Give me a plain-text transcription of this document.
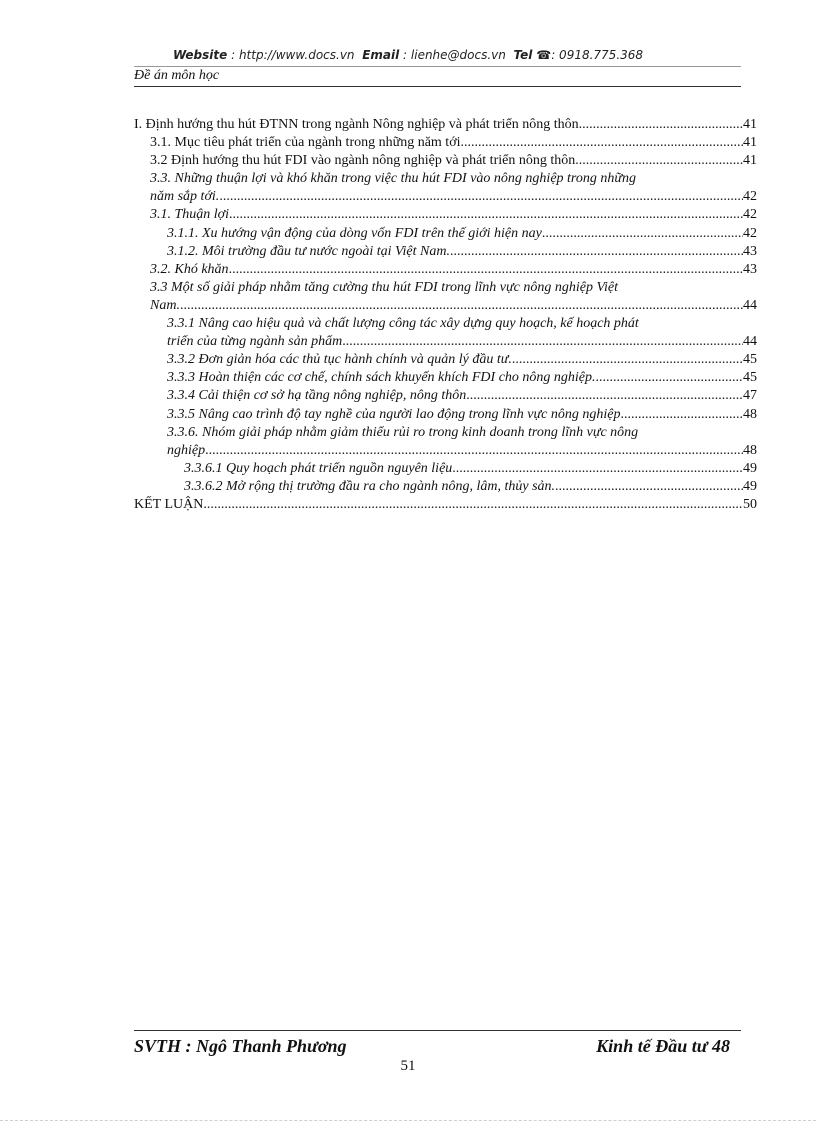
Website : http://www.docs.vn Email : lienhe@docs.vn Tel ☎: 0918.775.368
Đề án môn học
I. Định hướng thu hút ĐTNN trong ngành Nông nghiệp và phát triển nông thôn. .....	41
3.1. Mục tiêu phát triển của ngành trong những năm tới. .....	41
3.2 Định hướng thu hút FDI vào ngành nông nghiệp và phát triển nông thôn .....	41
3.3. Những thuận lợi và khó khăn trong việc thu hút FDI vào nông nghiệp trong những
năm sắp tới. .....	42
3.1. Thuận lợi .....	42
3.1.1. Xu hướng vận động của dòng vốn FDI trên thế giới hiện nay .....	42
3.1.2. Môi trường đầu tư nước ngoài tại Việt Nam. .....	43
3.2. Khó khăn .....	43
3.3 Một số giải pháp nhằm tăng cường thu hút FDI trong lĩnh vực nông nghiệp Việt
Nam. .....	44
3.3.1 Nâng cao hiệu quả và chất lượng công tác xây dựng quy hoạch, kế hoạch phát
triển của từng ngành sản phẩm .....	44
3.3.2 Đơn giản hóa các thủ tục hành chính và quản lý đầu tư. .....	45
3.3.3 Hoàn thiện các cơ chế, chính sách khuyến khích FDI cho nông nghiệp. .....	45
3.3.4 Cải thiện cơ sở hạ tầng nông nghiệp, nông thôn .....	47
3.3.5 Nâng cao trình độ tay nghề của người lao động trong lĩnh vực nông nghiệp .....	48
3.3.6. Nhóm giải pháp nhằm giảm thiểu rủi ro trong kinh doanh trong lĩnh vực nông
nghiệp .....	48
3.3.6.1 Quy hoạch phát triển nguồn nguyên liệu .....	49
3.3.6.2 Mở rộng thị trường đầu ra cho ngành nông, lâm, thủy sản. .....	49
KẾT LUẬN .....	50
SVTH : Ngô Thanh Phương	Kinh tế Đầu tư 48
51
